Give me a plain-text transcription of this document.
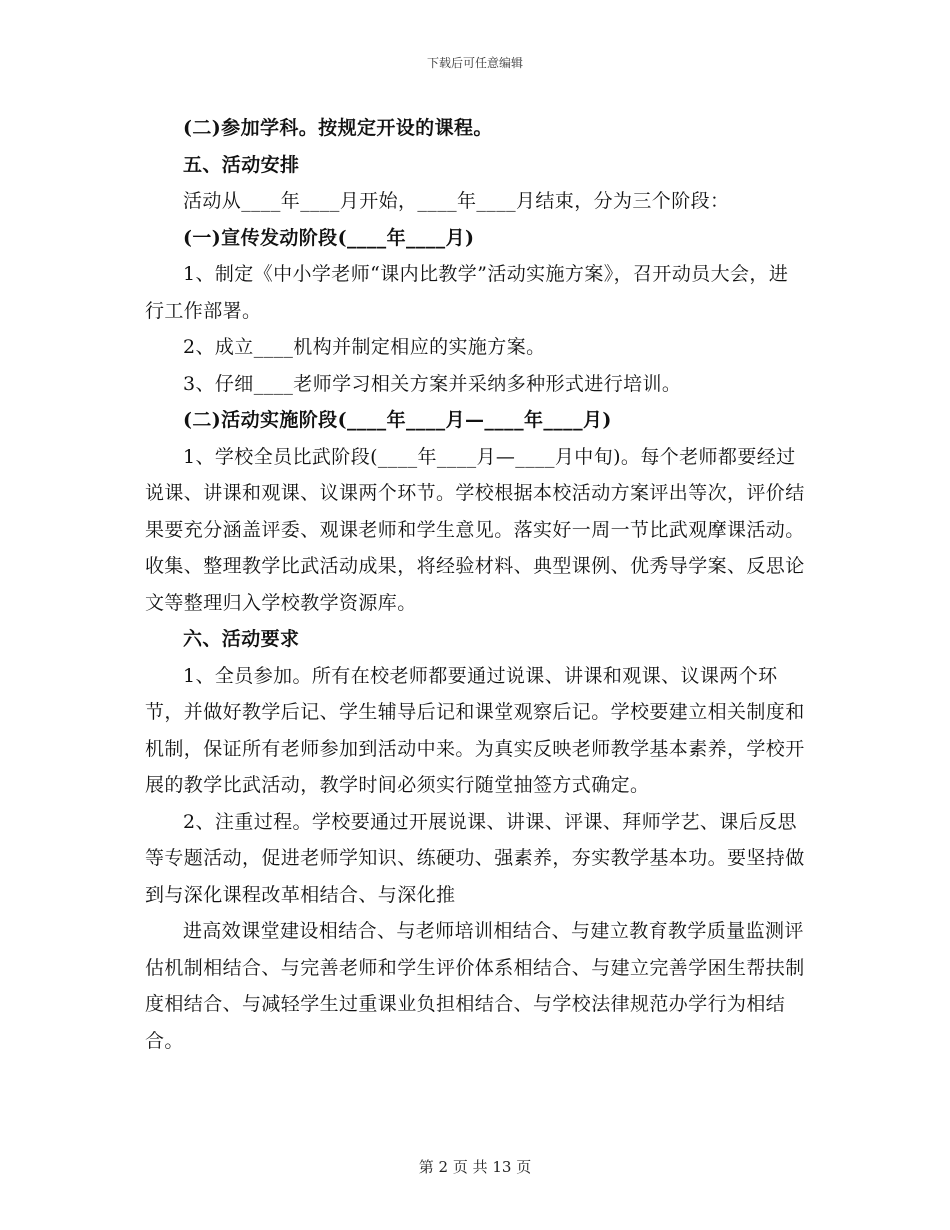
下载后可任意编辑

(二)参加学科。按规定开设的课程。

五、活动安排

活动从____年____月开始，____年____月结束，分为三个阶段：

(一)宣传发动阶段(____年____月)

1、制定《中小学老师“课内比教学”活动实施方案》，召开动员大会，进行工作部署。

2、成立____机构并制定相应的实施方案。

3、仔细____老师学习相关方案并采纳多种形式进行培训。

(二)活动实施阶段(____年____月—____年____月)

1、学校全员比武阶段(____年____月—____月中旬)。每个老师都要经过说课、讲课和观课、议课两个环节。学校根据本校活动方案评出等次，评价结果要充分涵盖评委、观课老师和学生意见。落实好一周一节比武观摩课活动。收集、整理教学比武活动成果，将经验材料、典型课例、优秀导学案、反思论文等整理归入学校教学资源库。

六、活动要求

1、全员参加。所有在校老师都要通过说课、讲课和观课、议课两个环节，并做好教学后记、学生辅导后记和课堂观察后记。学校要建立相关制度和机制，保证所有老师参加到活动中来。为真实反映老师教学基本素养，学校开展的教学比武活动，教学时间必须实行随堂抽签方式确定。

2、注重过程。学校要通过开展说课、讲课、评课、拜师学艺、课后反思等专题活动，促进老师学知识、练硬功、强素养，夯实教学基本功。要坚持做到与深化课程改革相结合、与深化推

进高效课堂建设相结合、与老师培训相结合、与建立教育教学质量监测评估机制相结合、与完善老师和学生评价体系相结合、与建立完善学困生帮扶制度相结合、与减轻学生过重课业负担相结合、与学校法律规范办学行为相结合。

第 2 页 共 13 页
